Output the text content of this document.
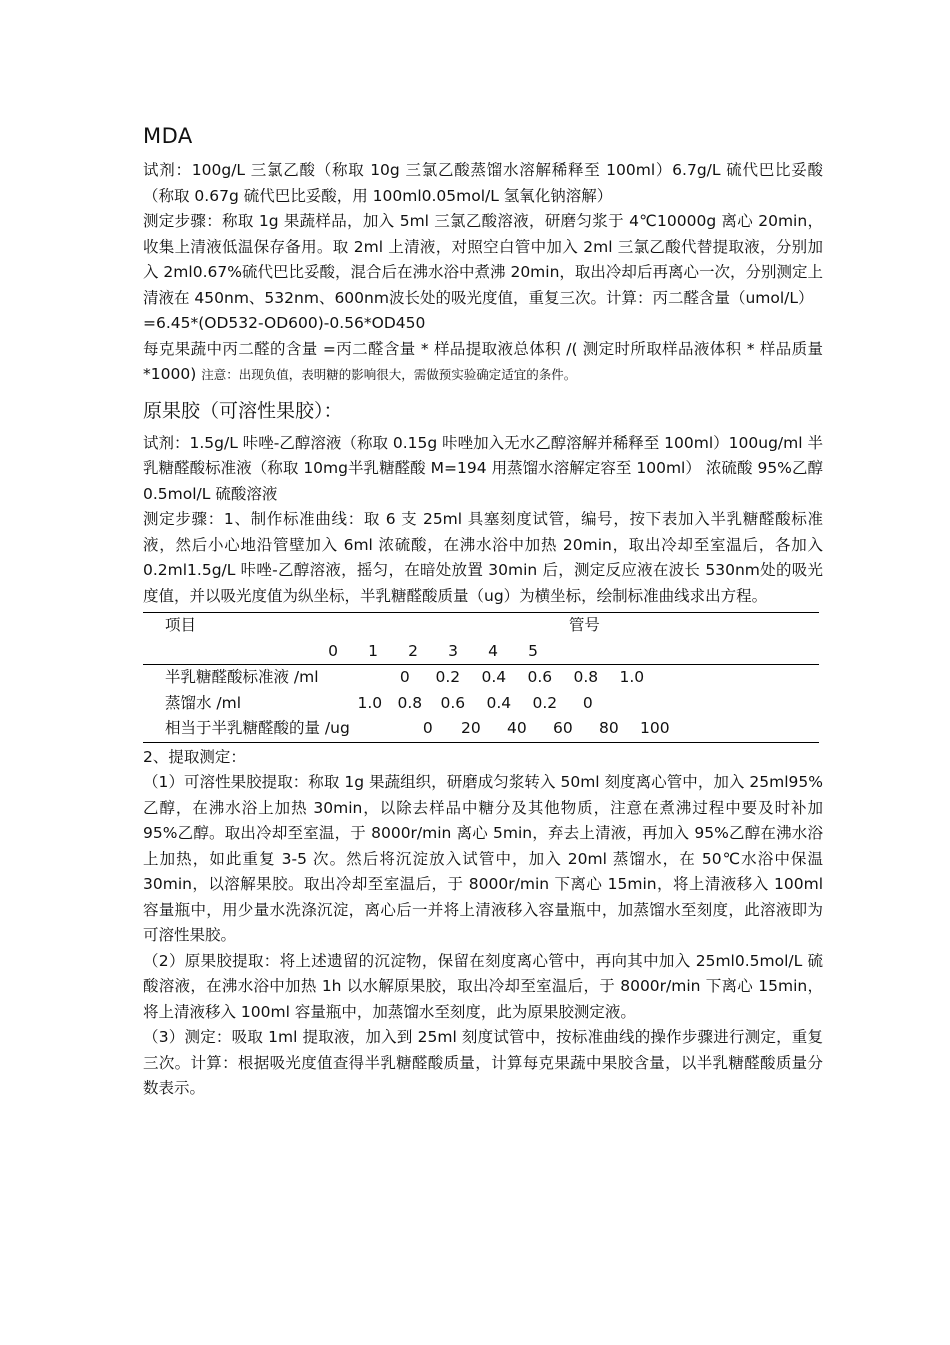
MDA

试剂：100g/L 三氯乙酸（称取 10g 三氯乙酸蒸馏水溶解稀释至 100ml）6.7g/L 硫代巴比妥酸（称取 0.67g 硫代巴比妥酸，用 100ml0.05mol/L 氢氧化钠溶解）

测定步骤：称取 1g 果蔬样品，加入 5ml 三氯乙酸溶液，研磨匀浆于 4℃10000g 离心 20min，收集上清液低温保存备用。取 2ml 上清液，对照空白管中加入 2ml 三氯乙酸代替提取液，分别加入 2ml0.67%硫代巴比妥酸，混合后在沸水浴中煮沸 20min，取出冷却后再离心一次，分别测定上清液在 450nm、532nm、600nm波长处的吸光度值，重复三次。计算：丙二醛含量（umol/L）

=6.45*(OD532-OD600)-0.56*OD450

每克果蔬中丙二醛的含量 =丙二醛含量 * 样品提取液总体积 /( 测定时所取样品液体积 * 样品质量 *1000) 注意：出现负值，表明糖的影响很大，需做预实验确定适宜的条件。

原果胶（可溶性果胶）：

试剂：1.5g/L 咔唑-乙醇溶液（称取 0.15g 咔唑加入无水乙醇溶解并稀释至 100ml）100ug/ml 半乳糖醛酸标准液（称取 10mg半乳糖醛酸 M=194 用蒸馏水溶解定容至 100ml） 浓硫酸 95%乙醇 0.5mol/L 硫酸溶液

测定步骤：1、制作标准曲线：取 6 支 25ml 具塞刻度试管，编号，按下表加入半乳糖醛酸标准液，然后小心地沿管壁加入 6ml 浓硫酸，在沸水浴中加热 20min，取出冷却至室温后，各加入 0.2ml1.5g/L 咔唑-乙醇溶液，摇匀，在暗处放置 30min 后，测定反应液在波长 530nm处的吸光度值，并以吸光度值为纵坐标，半乳糖醛酸质量（ug）为横坐标，绘制标准曲线求出方程。

项目	管号
0 1 2 3 4 5	
半乳糖醛酸标准液 /ml	0 0.2 0.4 0.6 0.8 1.0
蒸馏水 /ml	1.0 0.8 0.6 0.4 0.2 0
相当于半乳糖醛酸的量 /ug	0 20 40 60 80 100

2、提取测定：

（1）可溶性果胶提取：称取 1g 果蔬组织，研磨成匀浆转入 50ml 刻度离心管中，加入 25ml95%乙醇，在沸水浴上加热 30min，以除去样品中糖分及其他物质，注意在煮沸过程中要及时补加 95%乙醇。取出冷却至室温，于 8000r/min 离心 5min，弃去上清液，再加入 95%乙醇在沸水浴上加热，如此重复 3-5 次。然后将沉淀放入试管中，加入 20ml 蒸馏水，在 50℃水浴中保温 30min，以溶解果胶。取出冷却至室温后，于 8000r/min 下离心 15min，将上清液移入 100ml 容量瓶中，用少量水洗涤沉淀，离心后一并将上清液移入容量瓶中，加蒸馏水至刻度，此溶液即为可溶性果胶。

（2）原果胶提取：将上述遗留的沉淀物，保留在刻度离心管中，再向其中加入 25ml0.5mol/L 硫酸溶液，在沸水浴中加热 1h 以水解原果胶，取出冷却至室温后，于 8000r/min 下离心 15min，将上清液移入 100ml 容量瓶中，加蒸馏水至刻度，此为原果胶测定液。

（3）测定：吸取 1ml 提取液，加入到 25ml 刻度试管中，按标准曲线的操作步骤进行测定，重复三次。计算：根据吸光度值查得半乳糖醛酸质量，计算每克果蔬中果胶含量，以半乳糖醛酸质量分数表示。
